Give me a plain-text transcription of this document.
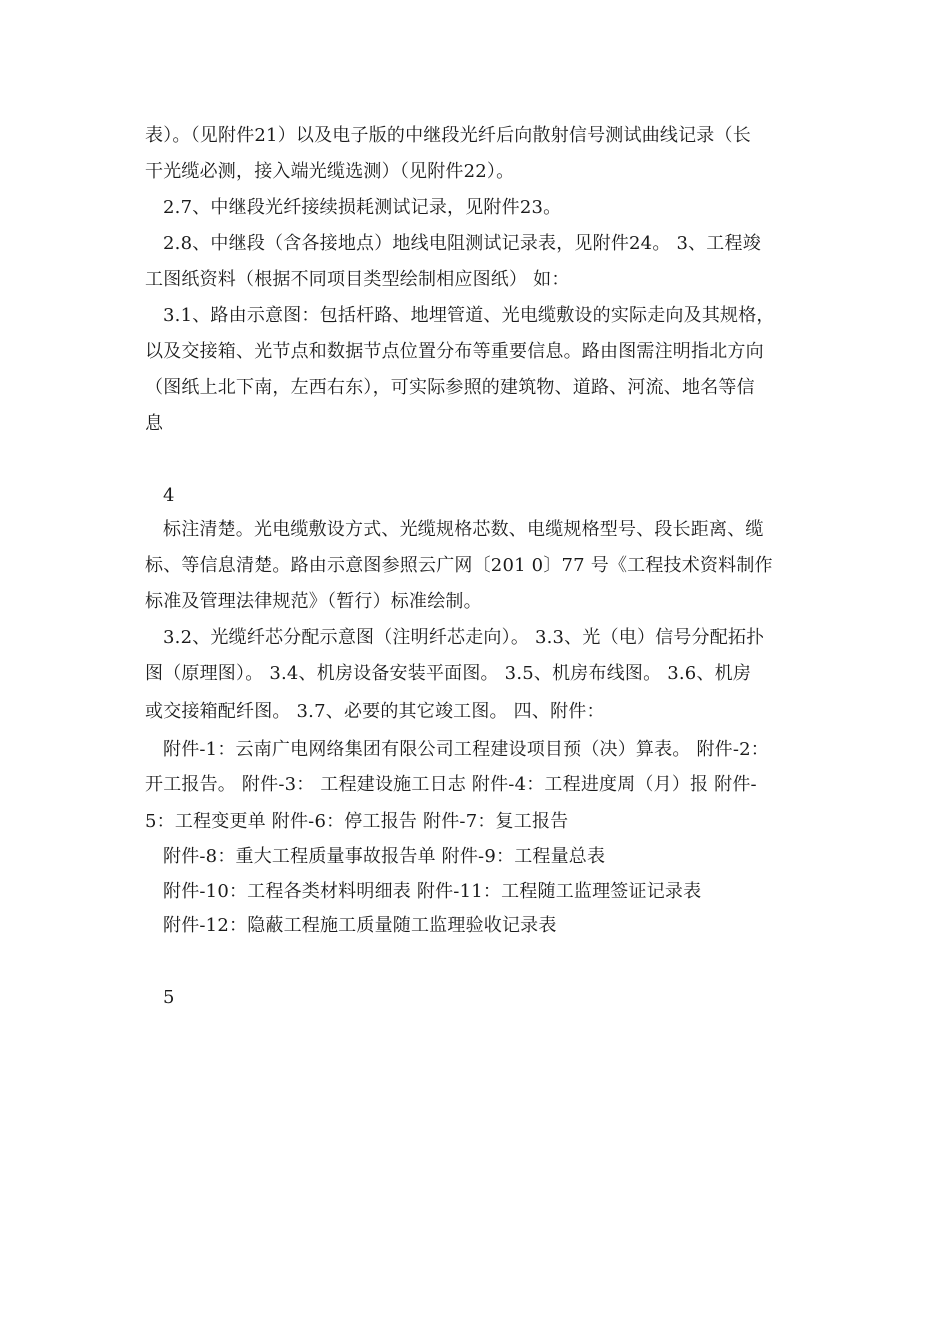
表）。（见附件21）以及电子版的中继段光纤后向散射信号测试曲线记录（长
干光缆必测，接入端光缆选测）（见附件22）。
2.7、中继段光纤接续损耗测试记录，见附件23。
2.8、中继段（含各接地点）地线电阻测试记录表，见附件24。 3、工程竣
工图纸资料（根据不同项目类型绘制相应图纸） 如：
3.1、路由示意图：包括杆路、地埋管道、光电缆敷设的实际走向及其规格，
以及交接箱、光节点和数据节点位置分布等重要信息。路由图需注明指北方向
（图纸上北下南，左西右东），可实际参照的建筑物、道路、河流、地名等信
息
4
标注清楚。光电缆敷设方式、光缆规格芯数、电缆规格型号、段长距离、缆
标、等信息清楚。路由示意图参照云广网〔201 0〕77 号《工程技术资料制作
标准及管理法律规范》（暂行）标准绘制。
3.2、光缆纤芯分配示意图（注明纤芯走向）。 3.3、光（电）信号分配拓扑
图（原理图）。 3.4、机房设备安装平面图。 3.5、机房布线图。 3.6、机房
或交接箱配纤图。 3.7、必要的其它竣工图。 四、附件：
附件-1：云南广电网络集团有限公司工程建设项目预（决）算表。 附件-2：
开工报告。 附件-3： 工程建设施工日志 附件-4：工程进度周（月）报 附件-
5：工程变更单 附件-6：停工报告 附件-7：复工报告
附件-8：重大工程质量事故报告单 附件-9：工程量总表
附件-10：工程各类材料明细表 附件-11：工程随工监理签证记录表
附件-12：隐蔽工程施工质量随工监理验收记录表
5
